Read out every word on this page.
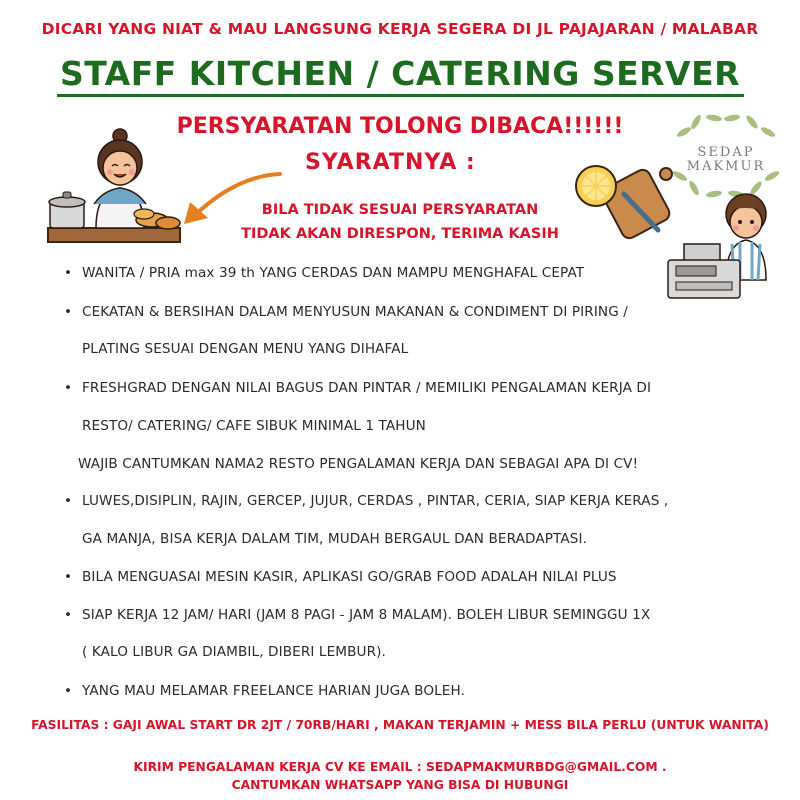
DICARI YANG NIAT & MAU LANGSUNG KERJA SEGERA DI JL PAJAJARAN / MALABAR
STAFF KITCHEN / CATERING SERVER
PERSYARATAN TOLONG DIBACA!!!!!!
SYARATNYA :
BILA TIDAK SESUAI PERSYARATAN
TIDAK AKAN DIRESPON, TERIMA KASIH
SEDAP
MAKMUR
• WANITA / PRIA max 39 th YANG CERDAS DAN MAMPU MENGHAFAL CEPAT
• CEKATAN & BERSIHAN DALAM MENYUSUN MAKANAN & CONDIMENT DI PIRING /
PLATING SESUAI DENGAN MENU YANG DIHAFAL
• FRESHGRAD DENGAN NILAI BAGUS DAN PINTAR / MEMILIKI PENGALAMAN KERJA DI
RESTO/ CATERING/ CAFE SIBUK MINIMAL 1 TAHUN
WAJIB CANTUMKAN NAMA2 RESTO PENGALAMAN KERJA DAN SEBAGAI APA DI CV!
• LUWES,DISIPLIN, RAJIN, GERCEP, JUJUR, CERDAS , PINTAR, CERIA, SIAP KERJA KERAS ,
GA MANJA, BISA KERJA DALAM TIM, MUDAH BERGAUL DAN BERADAPTASI.
• BILA MENGUASAI MESIN KASIR, APLIKASI GO/GRAB FOOD ADALAH NILAI PLUS
• SIAP KERJA 12 JAM/ HARI (JAM 8 PAGI - JAM 8 MALAM). BOLEH LIBUR SEMINGGU 1X
( KALO LIBUR GA DIAMBIL, DIBERI LEMBUR).
• YANG MAU MELAMAR FREELANCE HARIAN JUGA BOLEH.
FASILITAS : GAJI AWAL START DR 2JT / 70RB/HARI , MAKAN TERJAMIN + MESS BILA PERLU (UNTUK WANITA)
KIRIM PENGALAMAN KERJA CV KE EMAIL : SEDAPMAKMURBDG@GMAIL.COM .
CANTUMKAN WHATSAPP YANG BISA DI HUBUNGI
